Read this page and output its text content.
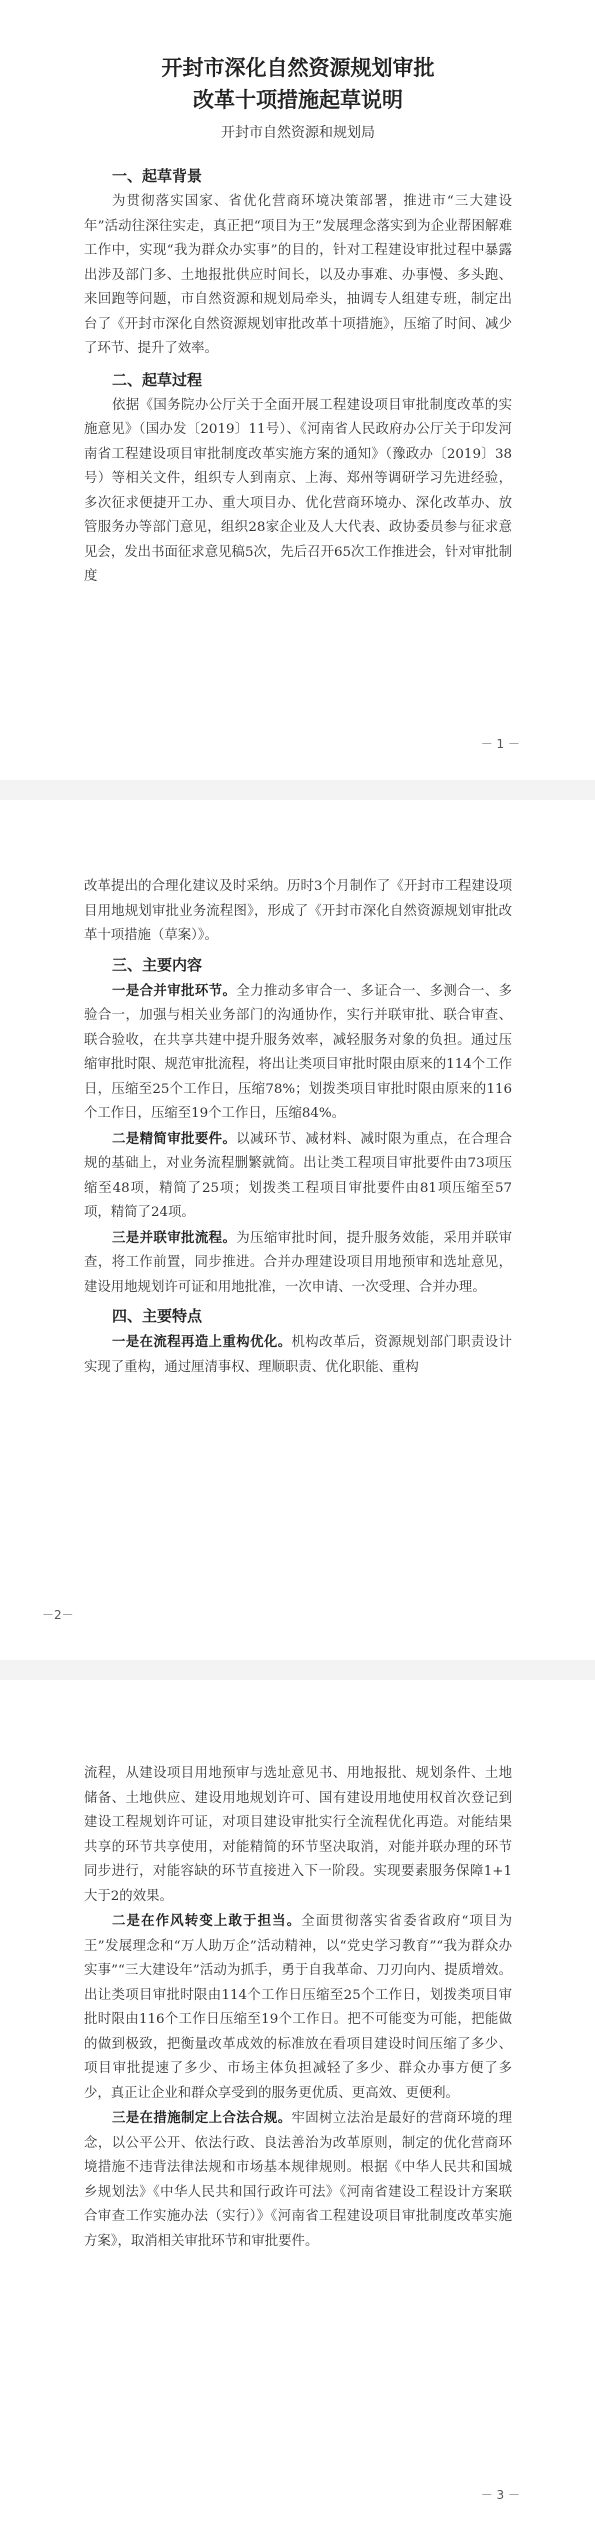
开封市深化自然资源规划审批
改革十项措施起草说明
开封市自然资源和规划局
一、起草背景

为贯彻落实国家、省优化营商环境决策部署，推进市“三大建设年”活动往深往实走，真正把“项目为王”发展理念落实到为企业帮困解难工作中，实现“我为群众办实事”的目的，针对工程建设审批过程中暴露出涉及部门多、土地报批供应时间长，以及办事难、办事慢、多头跑、来回跑等问题，市自然资源和规划局牵头，抽调专人组建专班，制定出台了《开封市深化自然资源规划审批改革十项措施》，压缩了时间、减少了环节、提升了效率。

二、起草过程

依据《国务院办公厅关于全面开展工程建设项目审批制度改革的实施意见》（国办发〔2019〕11号）、《河南省人民政府办公厅关于印发河南省工程建设项目审批制度改革实施方案的通知》（豫政办〔2019〕38号）等相关文件，组织专人到南京、上海、郑州等调研学习先进经验，多次征求便捷开工办、重大项目办、优化营商环境办、深化改革办、放管服务办等部门意见，组织28家企业及人大代表、政协委员参与征求意见会，发出书面征求意见稿5次，先后召开65次工作推进会，针对审批制度

－ 1 －

改革提出的合理化建议及时采纳。历时3个月制作了《开封市工程建设项目用地规划审批业务流程图》，形成了《开封市深化自然资源规划审批改革十项措施（草案）》。

三、主要内容

一是合并审批环节。全力推动多审合一、多证合一、多测合一、多验合一，加强与相关业务部门的沟通协作，实行并联审批、联合审查、联合验收，在共享共建中提升服务效率，减轻服务对象的负担。通过压缩审批时限、规范审批流程，将出让类项目审批时限由原来的114个工作日，压缩至25个工作日，压缩78%；划拨类项目审批时限由原来的116个工作日，压缩至19个工作日，压缩84%。

二是精简审批要件。以减环节、减材料、减时限为重点，在合理合规的基础上，对业务流程删繁就简。出让类工程项目审批要件由73项压缩至48项，精简了25项；划拨类工程项目审批要件由81项压缩至57项，精简了24项。

三是并联审批流程。为压缩审批时间，提升服务效能，采用并联审查，将工作前置，同步推进。合并办理建设项目用地预审和选址意见，建设用地规划许可证和用地批准，一次申请、一次受理、合并办理。

四、主要特点

一是在流程再造上重构优化。机构改革后，资源规划部门职责设计实现了重构，通过厘清事权、理顺职责、优化职能、重构

－2－

流程，从建设项目用地预审与选址意见书、用地报批、规划条件、土地储备、土地供应、建设用地规划许可、国有建设用地使用权首次登记到建设工程规划许可证，对项目建设审批实行全流程优化再造。对能结果共享的环节共享使用，对能精简的环节坚决取消，对能并联办理的环节同步进行，对能容缺的环节直接进入下一阶段。实现要素服务保障1+1大于2的效果。

二是在作风转变上敢于担当。全面贯彻落实省委省政府“项目为王”发展理念和“万人助万企”活动精神，以“党史学习教育”“我为群众办实事”“三大建设年”活动为抓手，勇于自我革命、刀刃向内、提质增效。出让类项目审批时限由114个工作日压缩至25个工作日，划拨类项目审批时限由116个工作日压缩至19个工作日。把不可能变为可能，把能做的做到极致，把衡量改革成效的标准放在看项目建设时间压缩了多少、项目审批提速了多少、市场主体负担减轻了多少、群众办事方便了多少，真正让企业和群众享受到的服务更优质、更高效、更便利。

三是在措施制定上合法合规。牢固树立法治是最好的营商环境的理念，以公平公开、依法行政、良法善治为改革原则，制定的优化营商环境措施不违背法律法规和市场基本规律规则。根据《中华人民共和国城乡规划法》《中华人民共和国行政许可法》《河南省建设工程设计方案联合审查工作实施办法（实行）》《河南省工程建设项目审批制度改革实施方案》，取消相关审批环节和审批要件。

－ 3 －
